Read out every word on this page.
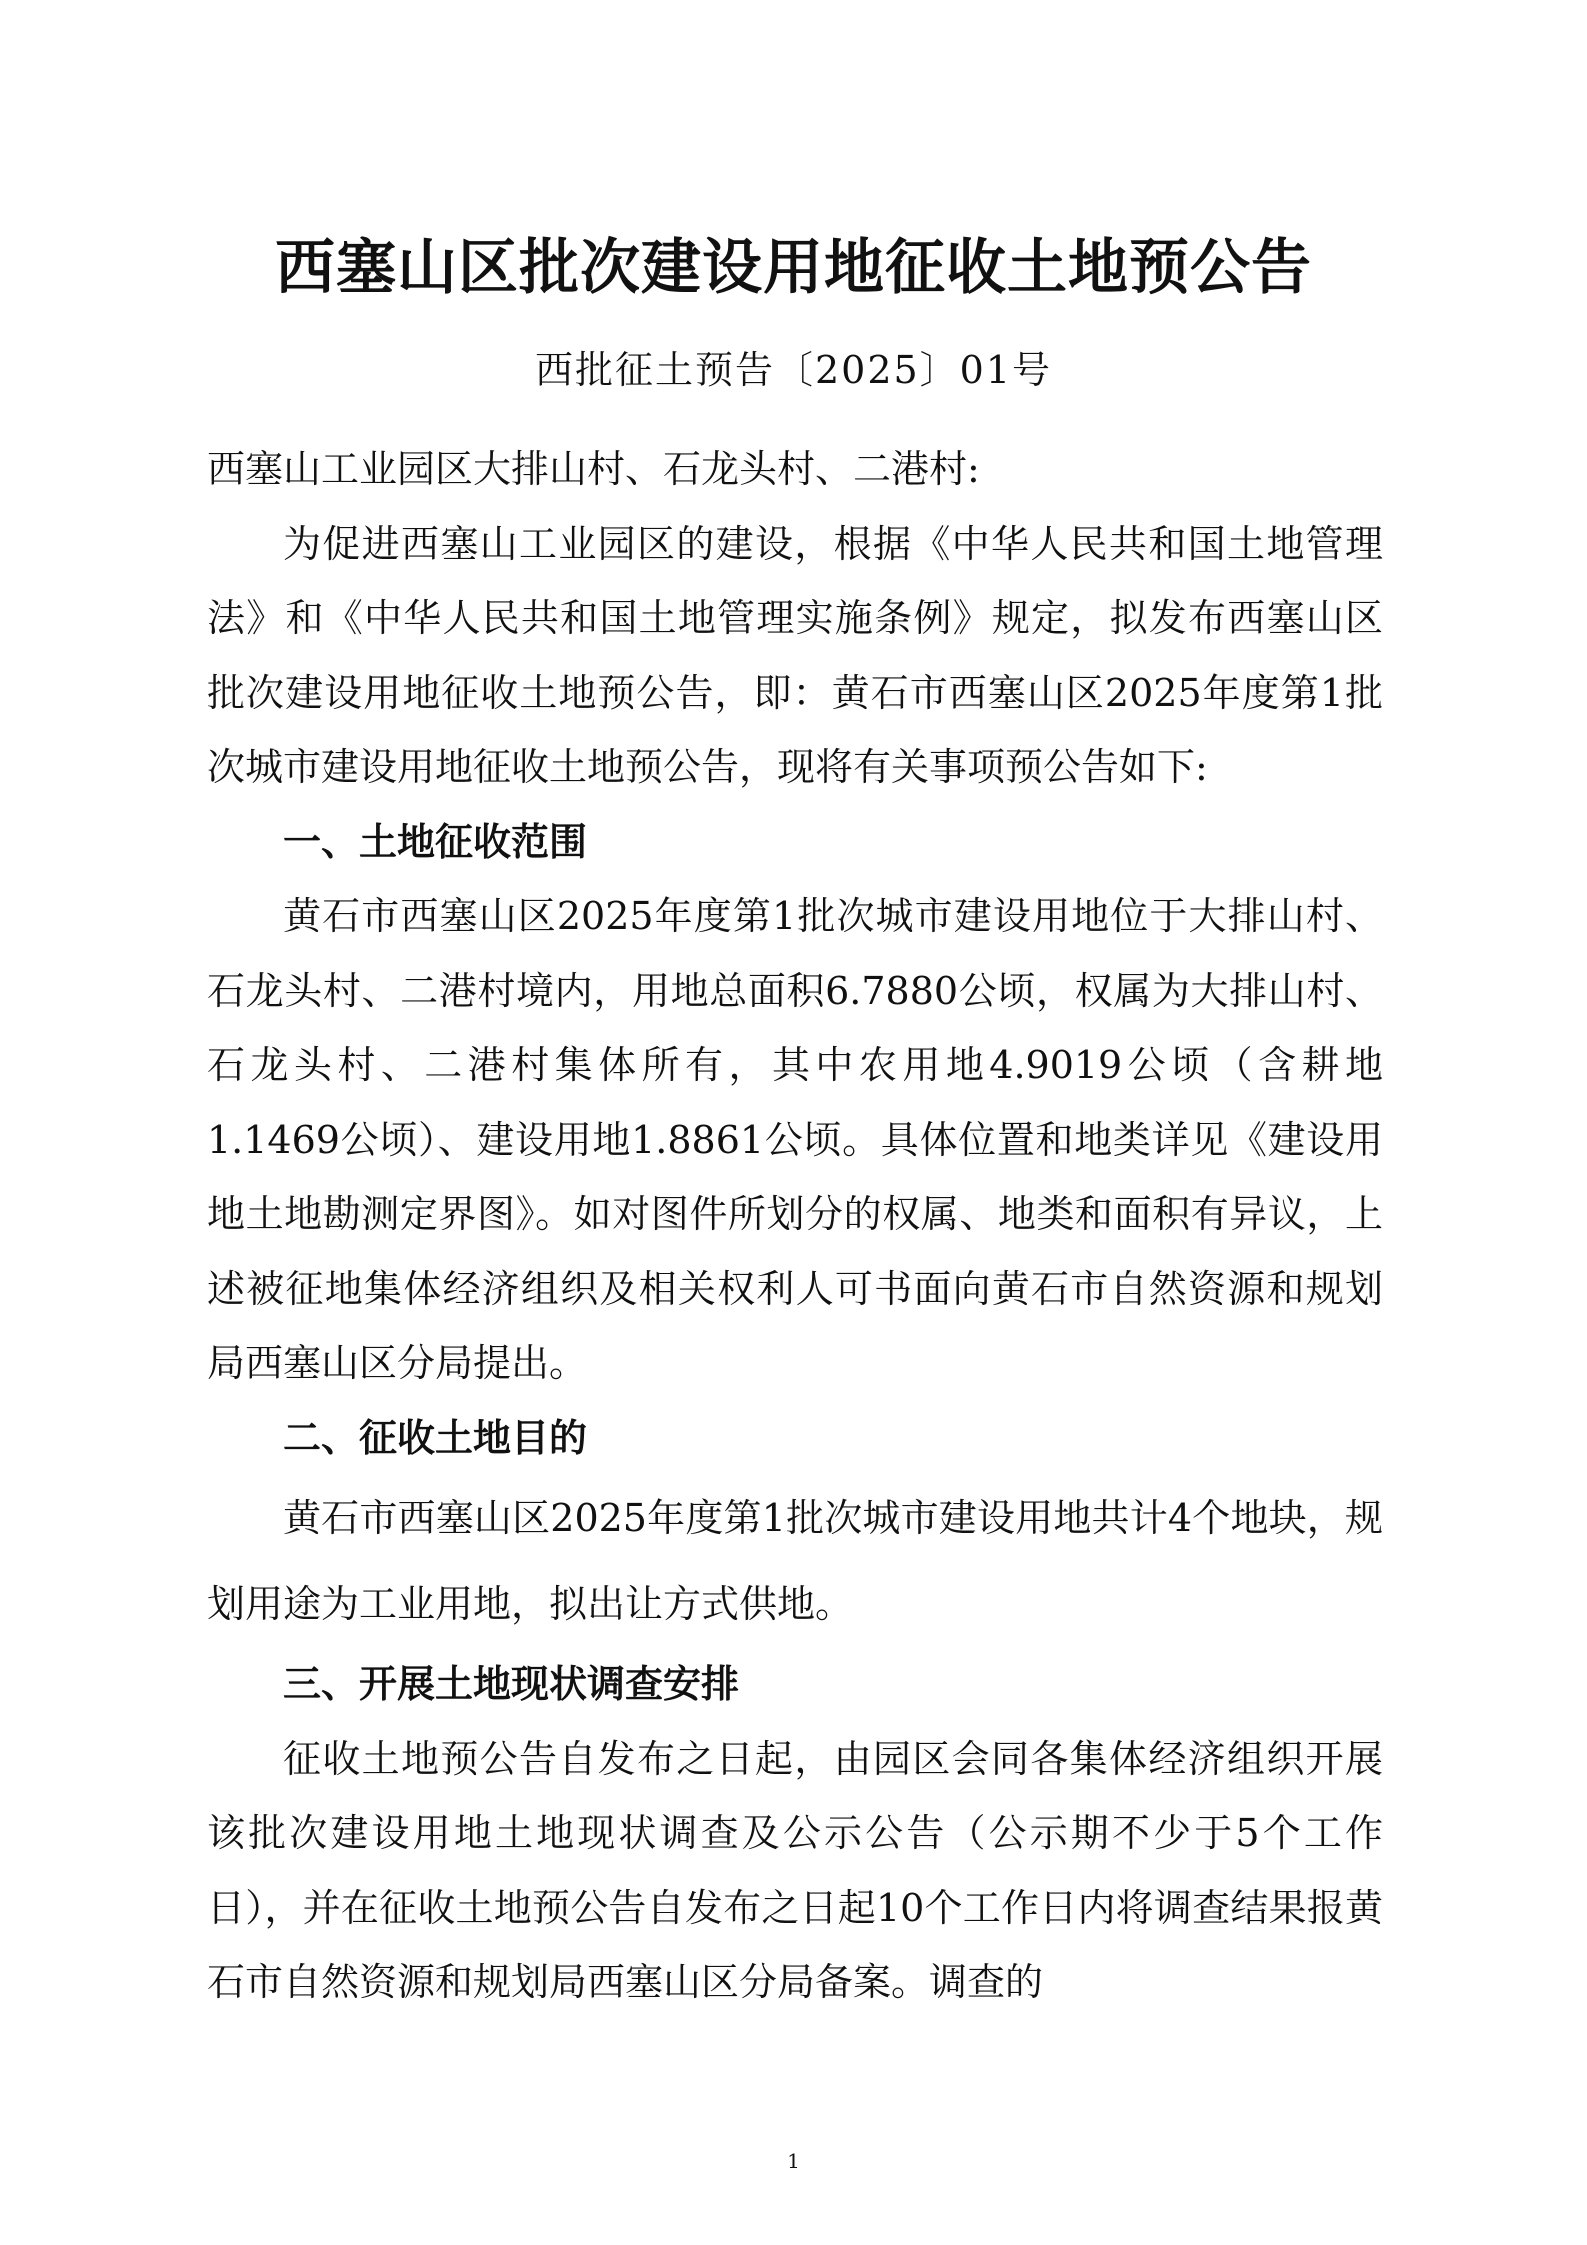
西塞山区批次建设用地征收土地预公告
西批征土预告〔2025〕01号

西塞山工业园区大排山村、石龙头村、二港村:

为促进西塞山工业园区的建设，根据《中华人民共和国土地管理法》和《中华人民共和国土地管理实施条例》规定，拟发布西塞山区批次建设用地征收土地预公告，即：黄石市西塞山区2025年度第1批次城市建设用地征收土地预公告，现将有关事项预公告如下:

一、土地征收范围

黄石市西塞山区2025年度第1批次城市建设用地位于大排山村、石龙头村、二港村境内，用地总面积6.7880公顷，权属为大排山村、石龙头村、二港村集体所有，其中农用地4.9019公顷（含耕地1.1469公顷）、建设用地1.8861公顷。具体位置和地类详见《建设用地土地勘测定界图》。如对图件所划分的权属、地类和面积有异议，上述被征地集体经济组织及相关权利人可书面向黄石市自然资源和规划局西塞山区分局提出。

二、征收土地目的

黄石市西塞山区2025年度第1批次城市建设用地共计4个地块，规划用途为工业用地，拟出让方式供地。

三、开展土地现状调查安排

征收土地预公告自发布之日起，由园区会同各集体经济组织开展该批次建设用地土地现状调查及公示公告（公示期不少于5个工作日），并在征收土地预公告自发布之日起10个工作日内将调查结果报黄石市自然资源和规划局西塞山区分局备案。调查的

1
